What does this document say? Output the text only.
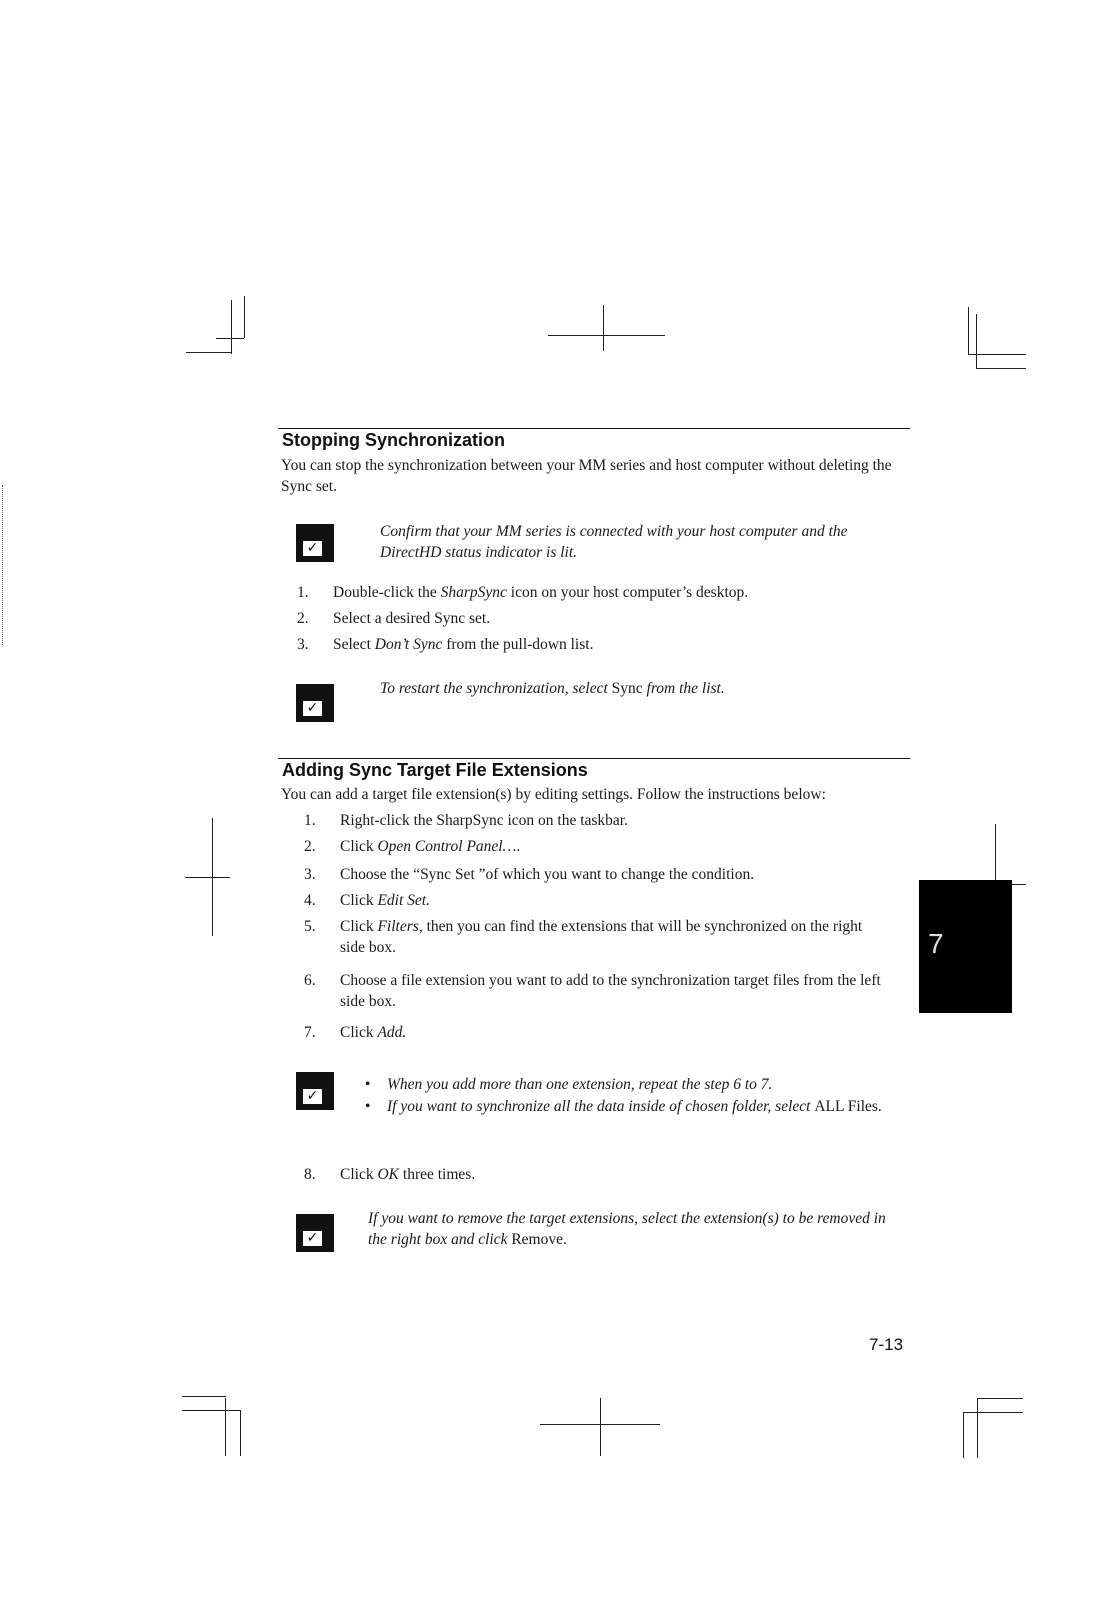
Stopping Synchronization
You can stop the synchronization between your MM series and host computer without deleting the Sync set.
✓
Confirm that your MM series is connected with your host computer and the DirectHD status indicator is lit.
1.	Double-click the SharpSync icon on your host computer’s desktop.
2.	Select a desired Sync set.
3.	Select Don’t Sync from the pull-down list.
✓
To restart the synchronization, select Sync from the list.
Adding Sync Target File Extensions
You can add a target file extension(s) by editing settings. Follow the instructions below:
1.	Right-click the SharpSync icon on the taskbar.
2.	Click Open Control Panel….
3.	Choose the “Sync Set ”of which you want to change the condition.
4.	Click Edit Set.
5.	Click Filters, then you can find the extensions that will be synchronized on the right side box.
6.	Choose a file extension you want to add to the synchronization target files from the left side box.
7.	Click Add.
✓
• When you add more than one extension, repeat the step 6 to 7.
• If you want to synchronize all the data inside of chosen folder, select ALL Files.
8.	Click OK three times.
✓
If you want to remove the target extensions, select the extension(s) to be removed in the right box and click Remove.
7
7-13
